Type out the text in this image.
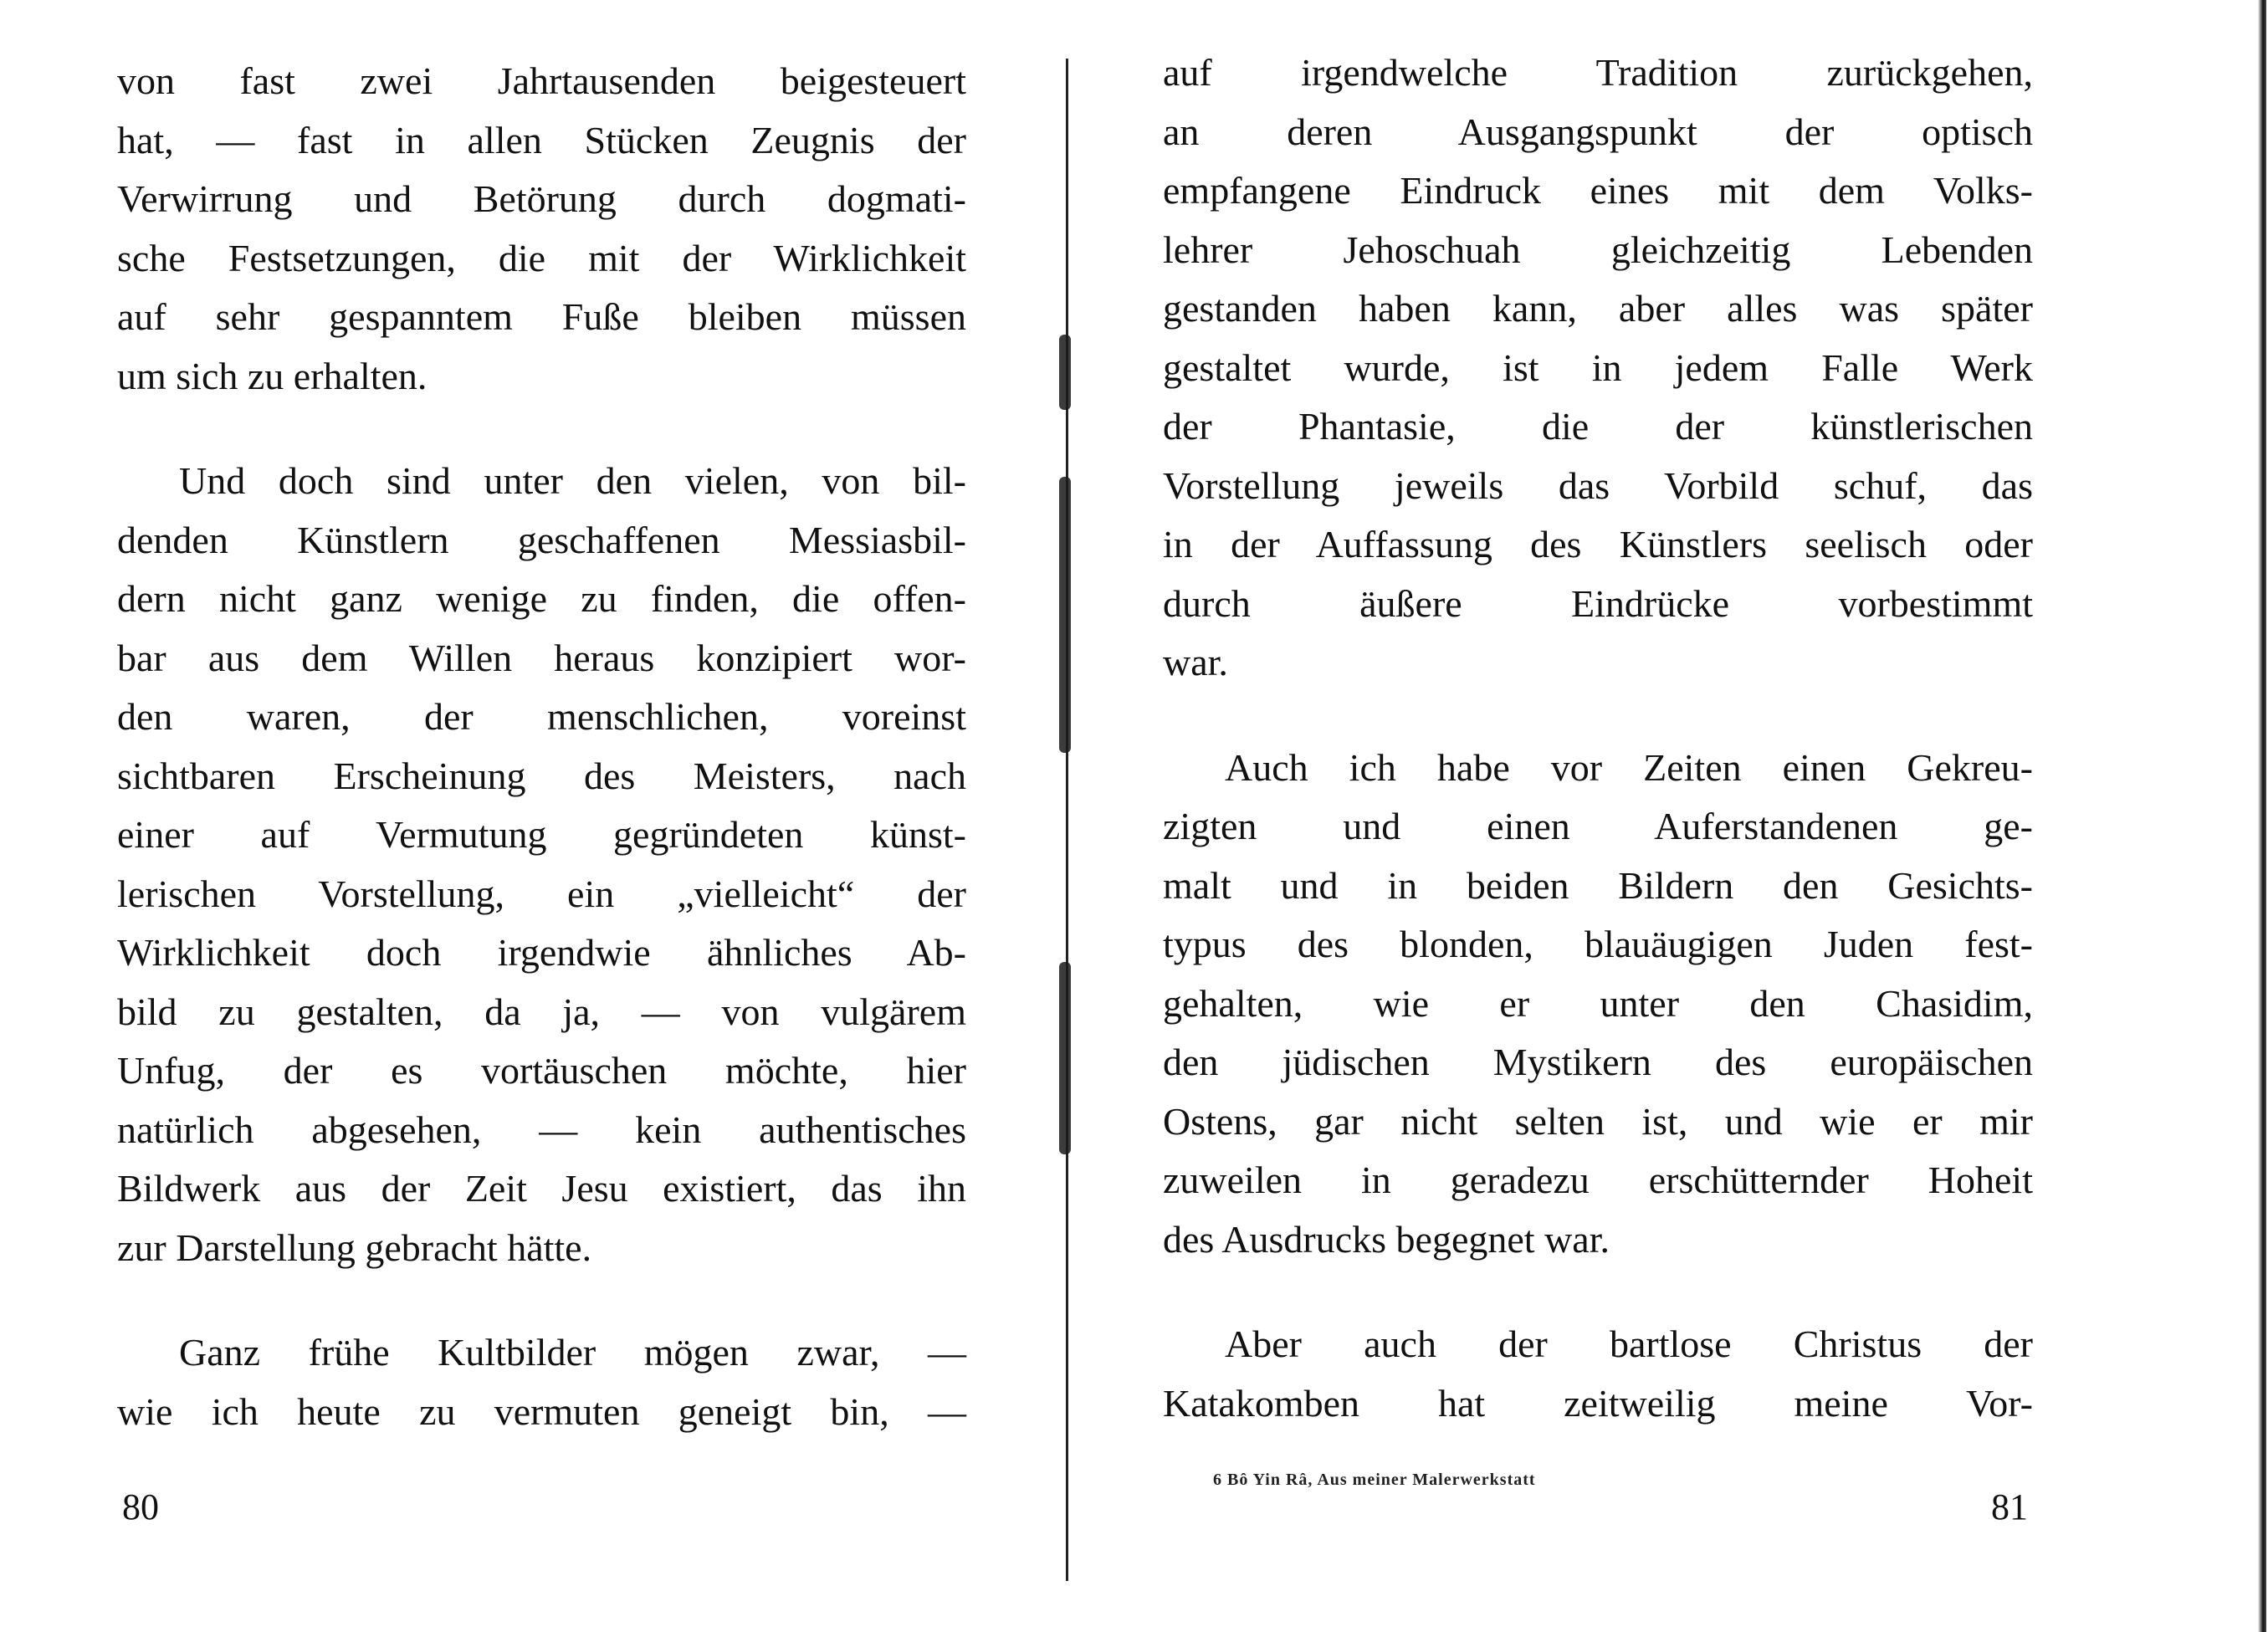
von fast zwei Jahrtausenden beigesteuert
hat, — fast in allen Stücken Zeugnis der
Verwirrung und Betörung durch dogmati-
sche Festsetzungen, die mit der Wirklichkeit
auf sehr gespanntem Fuße bleiben müssen
um sich zu erhalten.

Und doch sind unter den vielen, von bil-
denden Künstlern geschaffenen Messiasbil-
dern nicht ganz wenige zu finden, die offen-
bar aus dem Willen heraus konzipiert wor-
den waren, der menschlichen, voreinst
sichtbaren Erscheinung des Meisters, nach
einer auf Vermutung gegründeten künst-
lerischen Vorstellung, ein „vielleicht“ der
Wirklichkeit doch irgendwie ähnliches Ab-
bild zu gestalten, da ja, — von vulgärem
Unfug, der es vortäuschen möchte, hier
natürlich abgesehen, — kein authentisches
Bildwerk aus der Zeit Jesu existiert, das ihn
zur Darstellung gebracht hätte.

Ganz frühe Kultbilder mögen zwar, —
wie ich heute zu vermuten geneigt bin, —

80

auf irgendwelche Tradition zurückgehen,
an deren Ausgangspunkt der optisch
empfangene Eindruck eines mit dem Volks-
lehrer Jehoschuah gleichzeitig Lebenden
gestanden haben kann, aber alles was später
gestaltet wurde, ist in jedem Falle Werk
der Phantasie, die der künstlerischen
Vorstellung jeweils das Vorbild schuf, das
in der Auffassung des Künstlers seelisch oder
durch äußere Eindrücke vorbestimmt
war.

Auch ich habe vor Zeiten einen Gekreu-
zigten und einen Auferstandenen ge-
malt und in beiden Bildern den Gesichts-
typus des blonden, blauäugigen Juden fest-
gehalten, wie er unter den Chasidim,
den jüdischen Mystikern des europäischen
Ostens, gar nicht selten ist, und wie er mir
zuweilen in geradezu erschütternder Hoheit
des Ausdrucks begegnet war.

Aber auch der bartlose Christus der
Katakomben hat zeitweilig meine Vor-

6 Bô Yin Râ, Aus meiner Malerwerkstatt
81
